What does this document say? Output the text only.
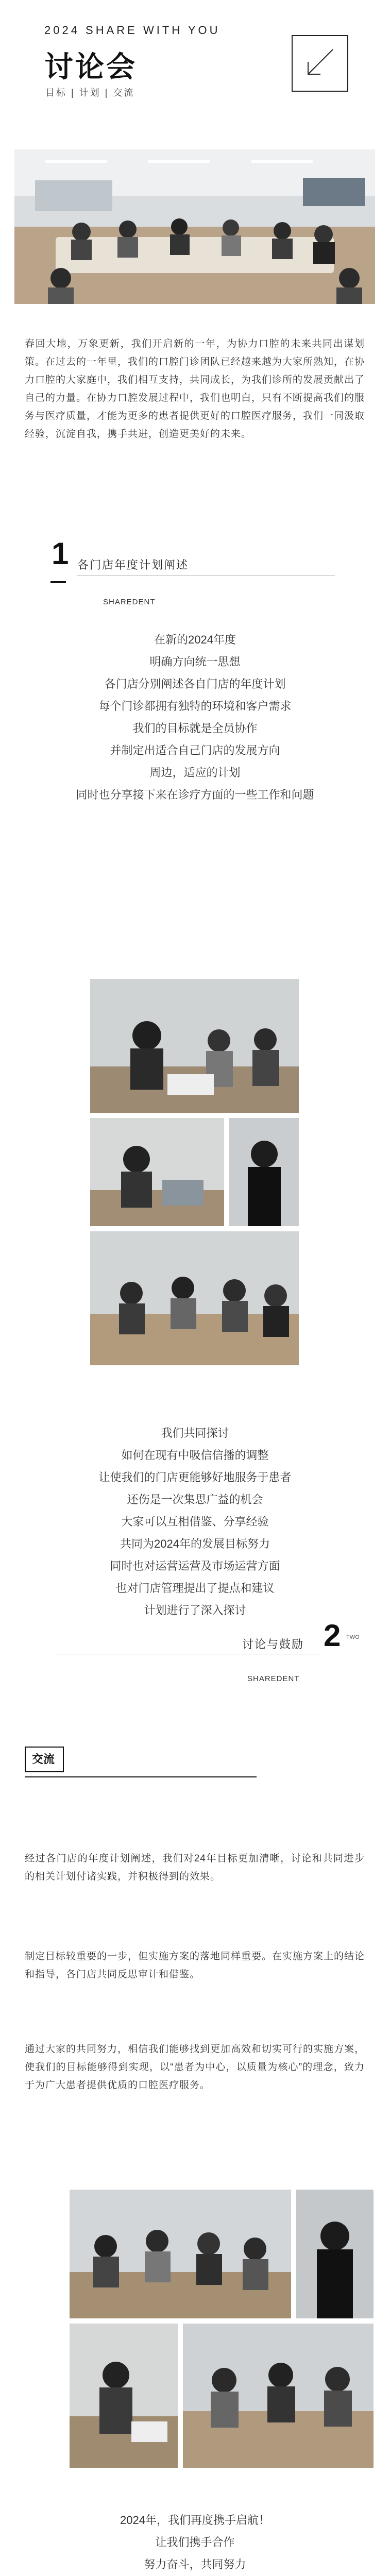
2024 SHARE WITH YOU
讨论会
目标 | 计划 | 交流
春回大地，万象更新，我们开启新的一年，为协力口腔的未来共同出谋划策。在过去的一年里，我们的口腔门诊团队已经越来越为大家所熟知，在协力口腔的大家庭中，我们相互支持，共同成长，为我们诊所的发展贡献出了自己的力量。在协力口腔发展过程中，我们也明白，只有不断提高我们的服务与医疗质量，才能为更多的患者提供更好的口腔医疗服务，我们一同汲取经验，沉淀自我，携手共进，创造更美好的未来。
1 各门店年度计划阐述
SHAREDENT
在新的2024年度
明确方向统一思想
各门店分别阐述各自门店的年度计划
每个门诊都拥有独特的环境和客户需求
我们的目标就是全员协作
并制定出适合自己门店的发展方向
周边，适应的计划
同时也分享接下来在诊疗方面的一些工作和问题
我们共同探讨
如何在现有中吸信信播的调整
让使我们的门店更能够好地服务于患者
还伤是一次集思广益的机会
大家可以互相借鉴、分享经验
共同为2024年的发展目标努力
同时也对运营运营及市场运营方面
也对门店管理提出了提点和建议
计划进行了深入探讨
讨论与鼓励 2 TWO
SHAREDENT
交流
经过各门店的年度计划阐述，我们对24年目标更加清晰，讨论和共同进步的相关计划付诸实践，并积极得到的效果。
制定目标较重要的一步，但实施方案的落地同样重要。在实施方案上的结论和指导，各门店共同反思审计和借鉴。
通过大家的共同努力，相信我们能够找到更加高效和切实可行的实施方案，使我们的目标能够得到实现，以“患者为中心，以质量为核心”的理念，致力于为广大患者提供优质的口腔医疗服务。
2024年，我们再度携手启航！
让我们携手合作
努力奋斗，共同努力
